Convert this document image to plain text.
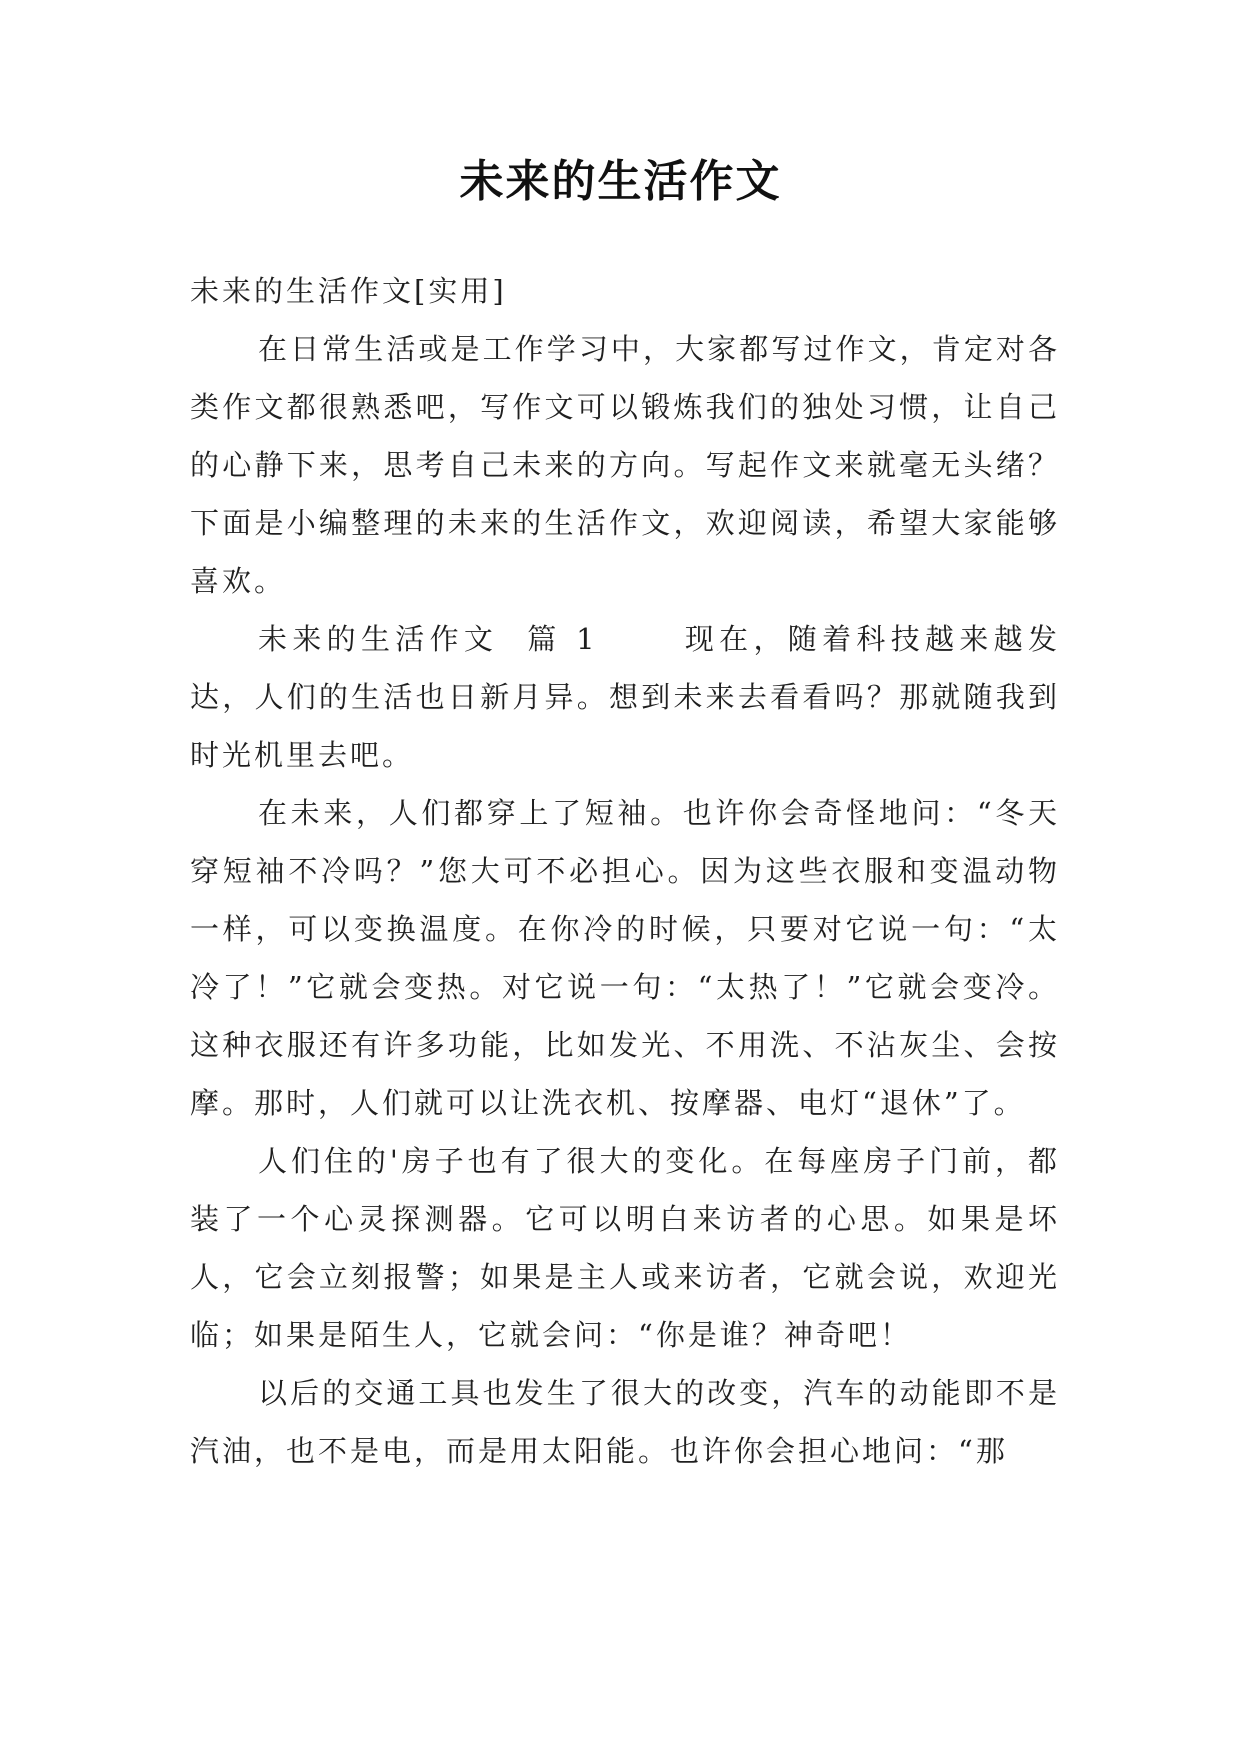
未来的生活作文

未来的生活作文[实用]

在日常生活或是工作学习中，大家都写过作文，肯定对各类作文都很熟悉吧，写作文可以锻炼我们的独处习惯，让自己的心静下来，思考自己未来的方向。写起作文来就毫无头绪？下面是小编整理的未来的生活作文，欢迎阅读，希望大家能够喜欢。

未来的生活作文  篇 1      现在，随着科技越来越发达，人们的生活也日新月异。想到未来去看看吗？那就随我到时光机里去吧。

在未来，人们都穿上了短袖。也许你会奇怪地问：“冬天穿短袖不冷吗？”您大可不必担心。因为这些衣服和变温动物一样，可以变换温度。在你冷的时候，只要对它说一句：“太冷了！”它就会变热。对它说一句：“太热了！”它就会变冷。这种衣服还有许多功能，比如发光、不用洗、不沾灰尘、会按摩。那时，人们就可以让洗衣机、按摩器、电灯“退休”了。

人们住的'房子也有了很大的变化。在每座房子门前，都装了一个心灵探测器。它可以明白来访者的心思。如果是坏人，它会立刻报警；如果是主人或来访者，它就会说，欢迎光临；如果是陌生人，它就会问：“你是谁？神奇吧！

以后的交通工具也发生了很大的改变，汽车的动能即不是汽油，也不是电，而是用太阳能。也许你会担心地问：“那
